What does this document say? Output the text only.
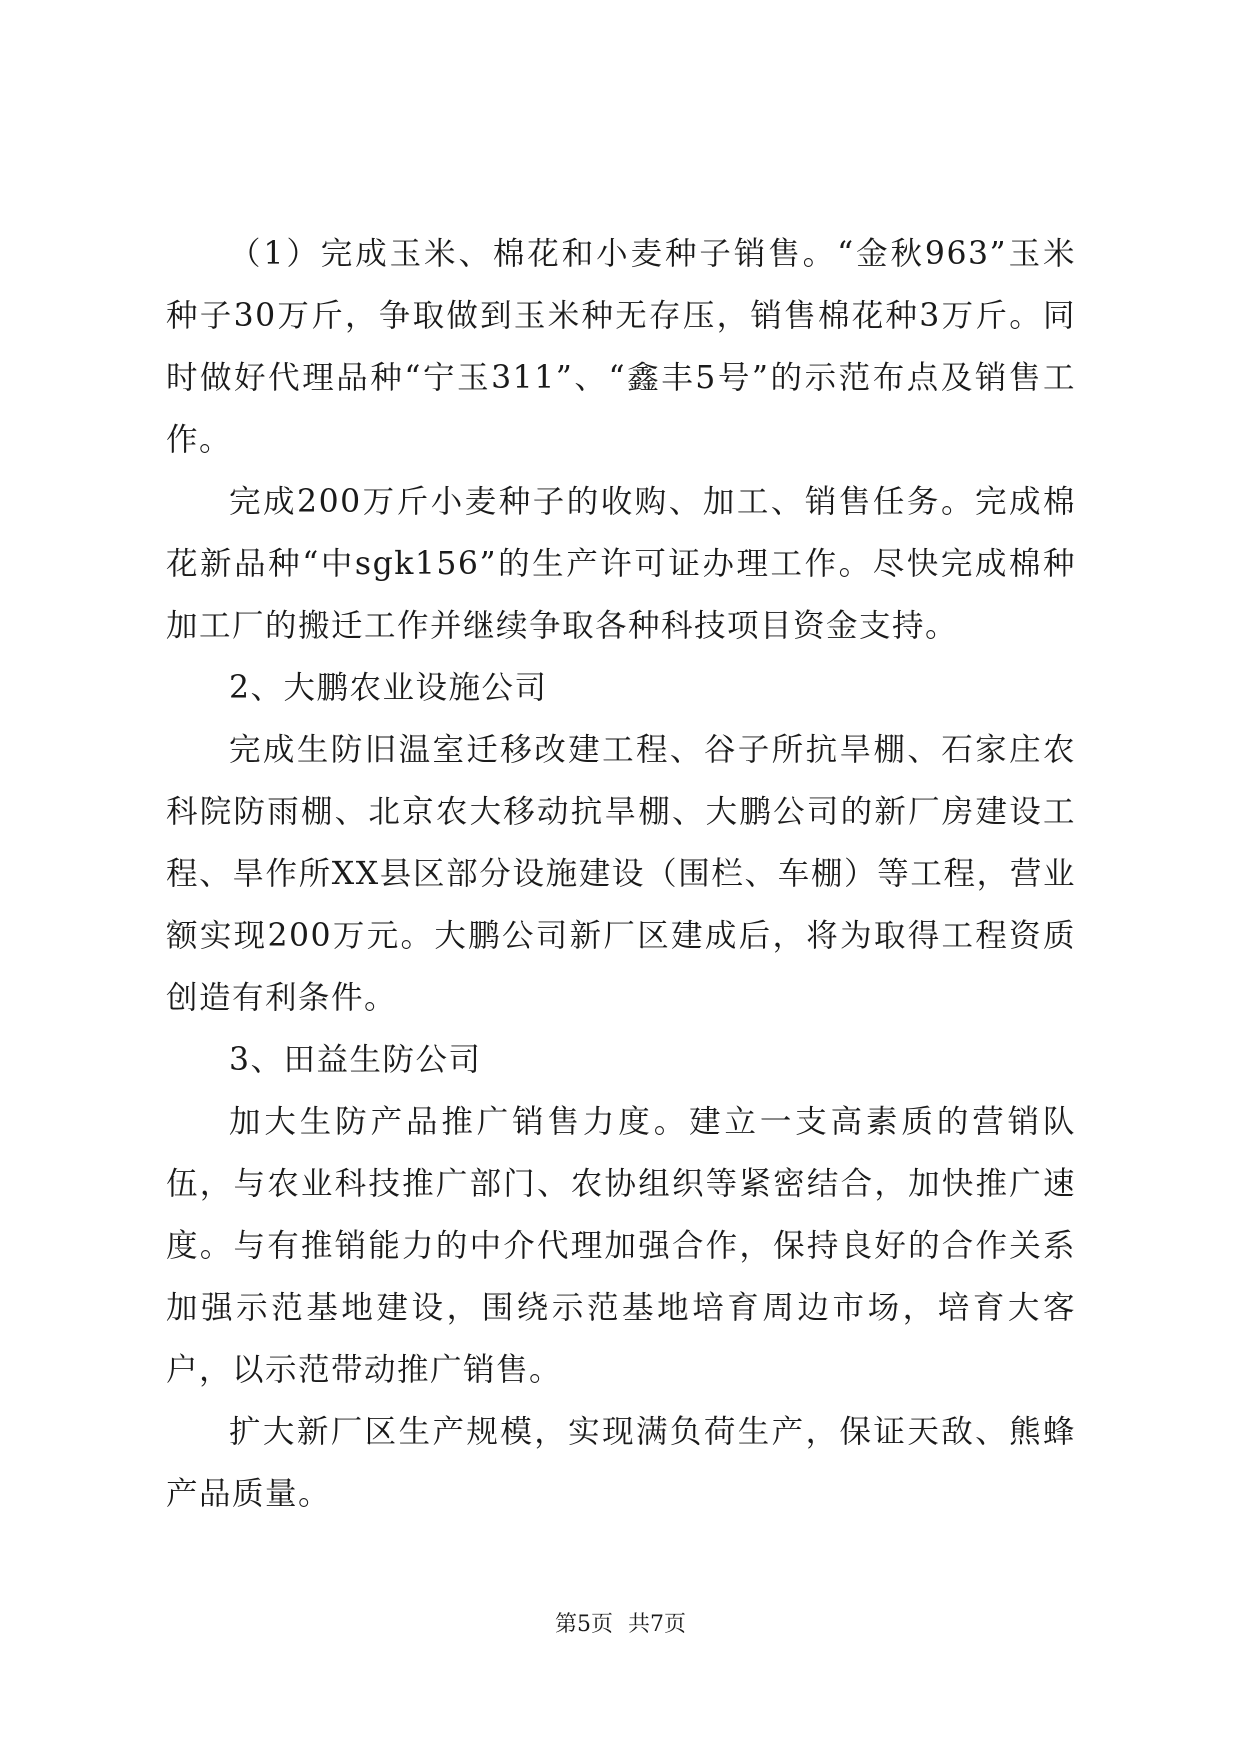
（1）完成玉米、棉花和小麦种子销售。“金秋963”玉米种子30万斤，争取做到玉米种无存压，销售棉花种3万斤。同时做好代理品种“宁玉311”、“鑫丰5号”的示范布点及销售工作。

完成200万斤小麦种子的收购、加工、销售任务。完成棉花新品种“中sgk156”的生产许可证办理工作。尽快完成棉种加工厂的搬迁工作并继续争取各种科技项目资金支持。

2、大鹏农业设施公司

完成生防旧温室迁移改建工程、谷子所抗旱棚、石家庄农科院防雨棚、北京农大移动抗旱棚、大鹏公司的新厂房建设工程、旱作所XX县区部分设施建设（围栏、车棚）等工程，营业额实现200万元。大鹏公司新厂区建成后，将为取得工程资质创造有利条件。

3、田益生防公司

加大生防产品推广销售力度。建立一支高素质的营销队伍，与农业科技推广部门、农协组织等紧密结合，加快推广速度。与有推销能力的中介代理加强合作，保持良好的合作关系加强示范基地建设，围绕示范基地培育周边市场，培育大客户，以示范带动推广销售。

扩大新厂区生产规模，实现满负荷生产，保证天敌、熊蜂产品质量。

第5页 共7页
